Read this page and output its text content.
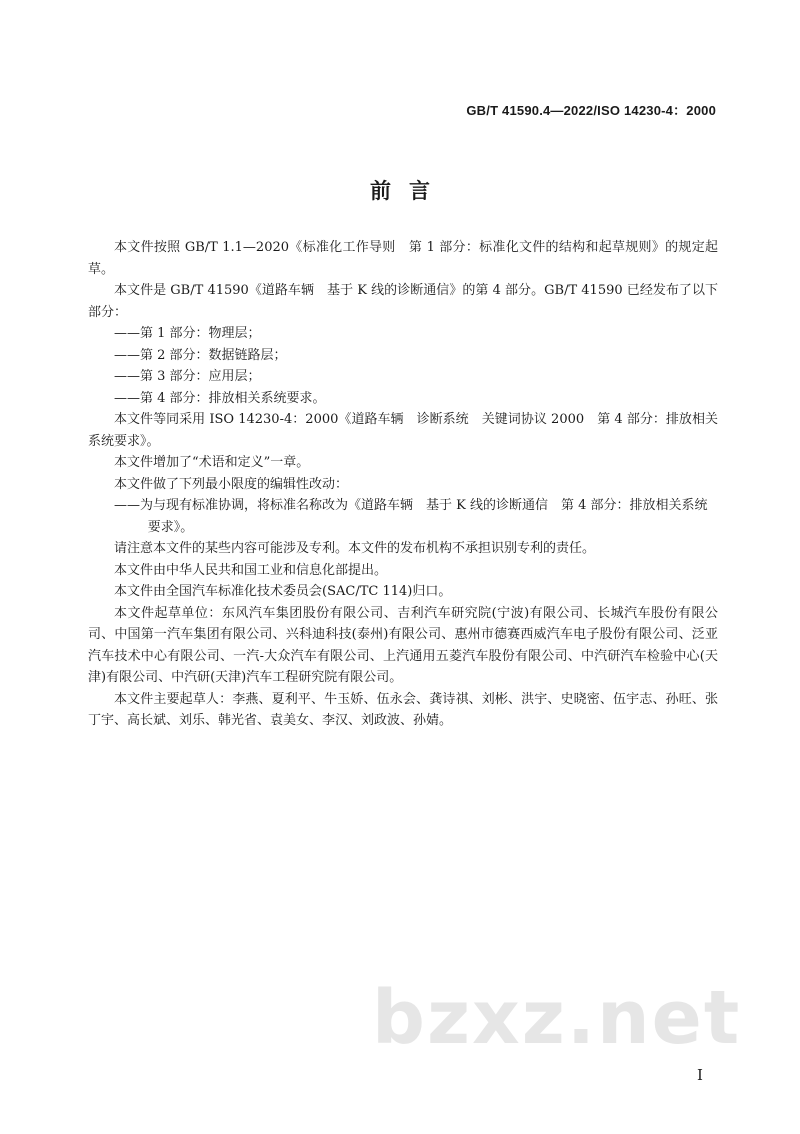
GB/T 41590.4—2022/ISO 14230-4：2000
前言

本文件按照 GB/T 1.1—2020《标准化工作导则　第 1 部分：标准化文件的结构和起草规则》的规定起草。

本文件是 GB/T 41590《道路车辆　基于 K 线的诊断通信》的第 4 部分。GB/T 41590 已经发布了以下部分：

——第 1 部分：物理层；

——第 2 部分：数据链路层；

——第 3 部分：应用层；

——第 4 部分：排放相关系统要求。

本文件等同采用 ISO 14230-4：2000《道路车辆　诊断系统　关键词协议 2000　第 4 部分：排放相关系统要求》。

本文件增加了“术语和定义”一章。

本文件做了下列最小限度的编辑性改动：

——为与现有标准协调，将标准名称改为《道路车辆　基于 K 线的诊断通信　第 4 部分：排放相关系统要求》。

请注意本文件的某些内容可能涉及专利。本文件的发布机构不承担识别专利的责任。

本文件由中华人民共和国工业和信息化部提出。

本文件由全国汽车标准化技术委员会(SAC/TC 114)归口。

本文件起草单位：东风汽车集团股份有限公司、吉利汽车研究院(宁波)有限公司、长城汽车股份有限公司、中国第一汽车集团有限公司、兴科迪科技(泰州)有限公司、惠州市德赛西威汽车电子股份有限公司、泛亚汽车技术中心有限公司、一汽-大众汽车有限公司、上汽通用五菱汽车股份有限公司、中汽研汽车检验中心(天津)有限公司、中汽研(天津)汽车工程研究院有限公司。

本文件主要起草人：李燕、夏利平、牛玉娇、伍永会、龚诗祺、刘彬、洪宇、史晓密、伍宇志、孙旺、张丁宇、高长斌、刘乐、韩光省、袁美女、李汉、刘政波、孙婧。

bzxz.net
I
